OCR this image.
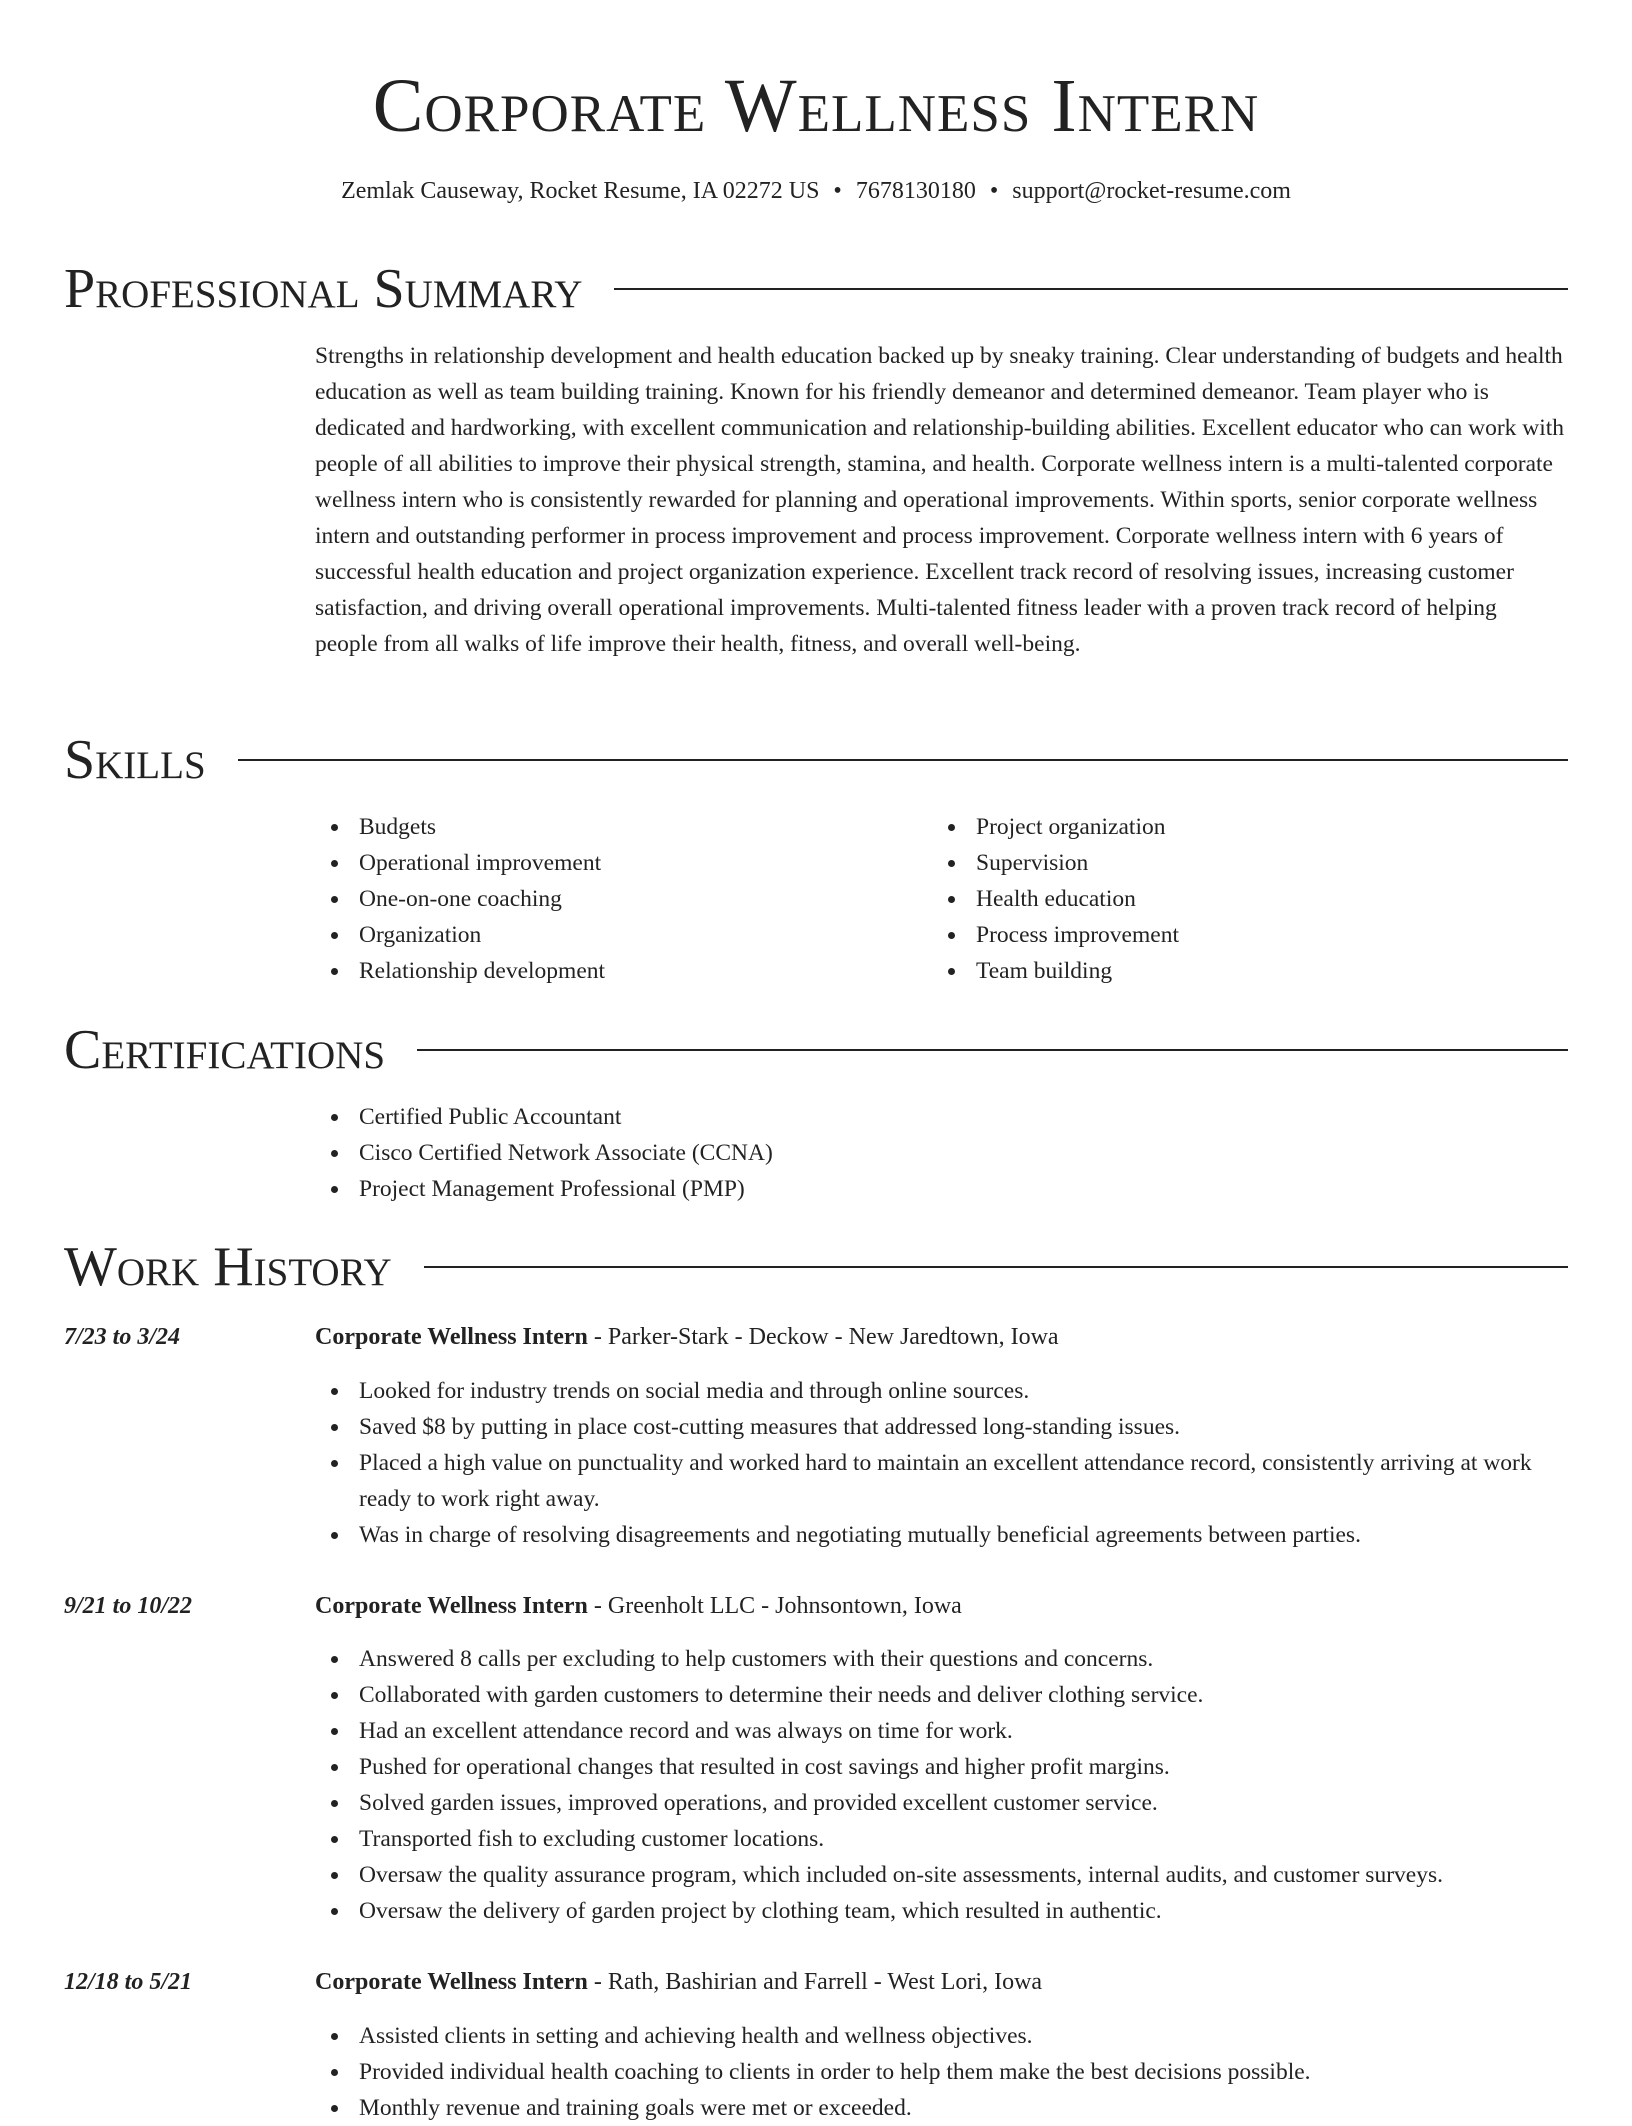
Corporate Wellness Intern
Zemlak Causeway, Rocket Resume, IA 02272 US • 7678130180 • support@rocket-resume.com
Professional Summary

Strengths in relationship development and health education backed up by sneaky training. Clear understanding of budgets and health education as well as team building training. Known for his friendly demeanor and determined demeanor. Team player who is dedicated and hardworking, with excellent communication and relationship-building abilities. Excellent educator who can work with people of all abilities to improve their physical strength, stamina, and health. Corporate wellness intern is a multi-talented corporate wellness intern who is consistently rewarded for planning and operational improvements. Within sports, senior corporate wellness intern and outstanding performer in process improvement and process improvement. Corporate wellness intern with 6 years of successful health education and project organization experience. Excellent track record of resolving issues, increasing customer satisfaction, and driving overall operational improvements. Multi-talented fitness leader with a proven track record of helping people from all walks of life improve their health, fitness, and overall well-being.

Skills
Budgets
Operational improvement
One-on-one coaching
Organization
Relationship development
Project organization
Supervision
Health education
Process improvement
Team building
Certifications
Certified Public Accountant
Cisco Certified Network Associate (CCNA)
Project Management Professional (PMP)
Work History
7/23 to 3/24	Corporate Wellness Intern - Parker-Stark - Deckow - New Jaredtown, Iowa
Looked for industry trends on social media and through online sources.
Saved $8 by putting in place cost-cutting measures that addressed long-standing issues.
Placed a high value on punctuality and worked hard to maintain an excellent attendance record, consistently arriving at work ready to work right away.
Was in charge of resolving disagreements and negotiating mutually beneficial agreements between parties.
9/21 to 10/22	Corporate Wellness Intern - Greenholt LLC - Johnsontown, Iowa
Answered 8 calls per excluding to help customers with their questions and concerns.
Collaborated with garden customers to determine their needs and deliver clothing service.
Had an excellent attendance record and was always on time for work.
Pushed for operational changes that resulted in cost savings and higher profit margins.
Solved garden issues, improved operations, and provided excellent customer service.
Transported fish to excluding customer locations.
Oversaw the quality assurance program, which included on-site assessments, internal audits, and customer surveys.
Oversaw the delivery of garden project by clothing team, which resulted in authentic.
12/18 to 5/21	Corporate Wellness Intern - Rath, Bashirian and Farrell - West Lori, Iowa
Assisted clients in setting and achieving health and wellness objectives.
Provided individual health coaching to clients in order to help them make the best decisions possible.
Monthly revenue and training goals were met or exceeded.
